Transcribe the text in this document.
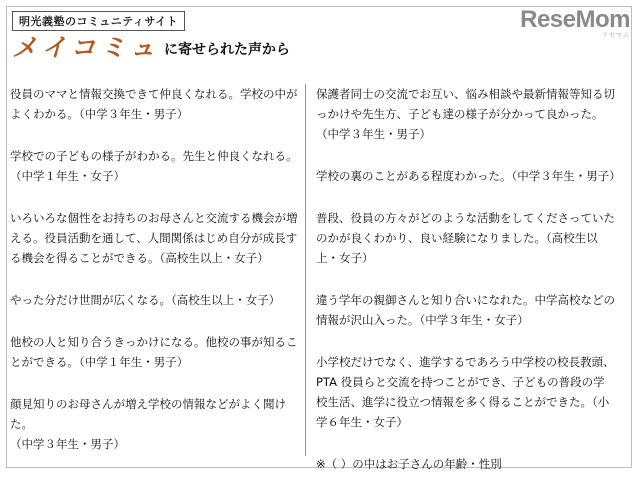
明光義塾のコミュニティサイト
メイコミュ に寄せられた声から
ReseMom
リセマム

役員のママと情報交換できて仲良くなれる。学校の中がよくわかる。（中学３年生・男子）

学校での子どもの様子がわかる。先生と仲良くなれる。
（中学１年生・女子）

いろいろな個性をお持ちのお母さんと交流する機会が増える。役員活動を通して、人間関係はじめ自分が成長する機会を得ることができる。（高校生以上・女子）

やった分だけ世間が広くなる。（高校生以上・女子）

他校の人と知り合うきっかけになる。他校の事が知ることができる。（中学１年生・男子）

顔見知りのお母さんが増え学校の情報などがよく聞けた。
（中学３年生・男子）

保護者同士の交流でお互い、悩み相談や最新情報等知る切っかけや先生方、子ども達の様子が分かって良かった。（中学３年生・男子）

学校の裏のことがある程度わかった。（中学３年生・男子）

普段、役員の方々がどのような活動をしてくださっていたのかが良くわかり、良い経験になりました。（高校生以上・女子）

違う学年の親御さんと知り合いになれた。中学高校などの情報が沢山入った。（中学３年生・女子）

小学校だけでなく、進学するであろう中学校の校長教頭、PTA 役員らと交流を持つことができ、子どもの普段の学校生活、進学に役立つ情報を多く得ることができた。（小学６年生・女子）

※（ ）の中はお子さんの年齢・性別
